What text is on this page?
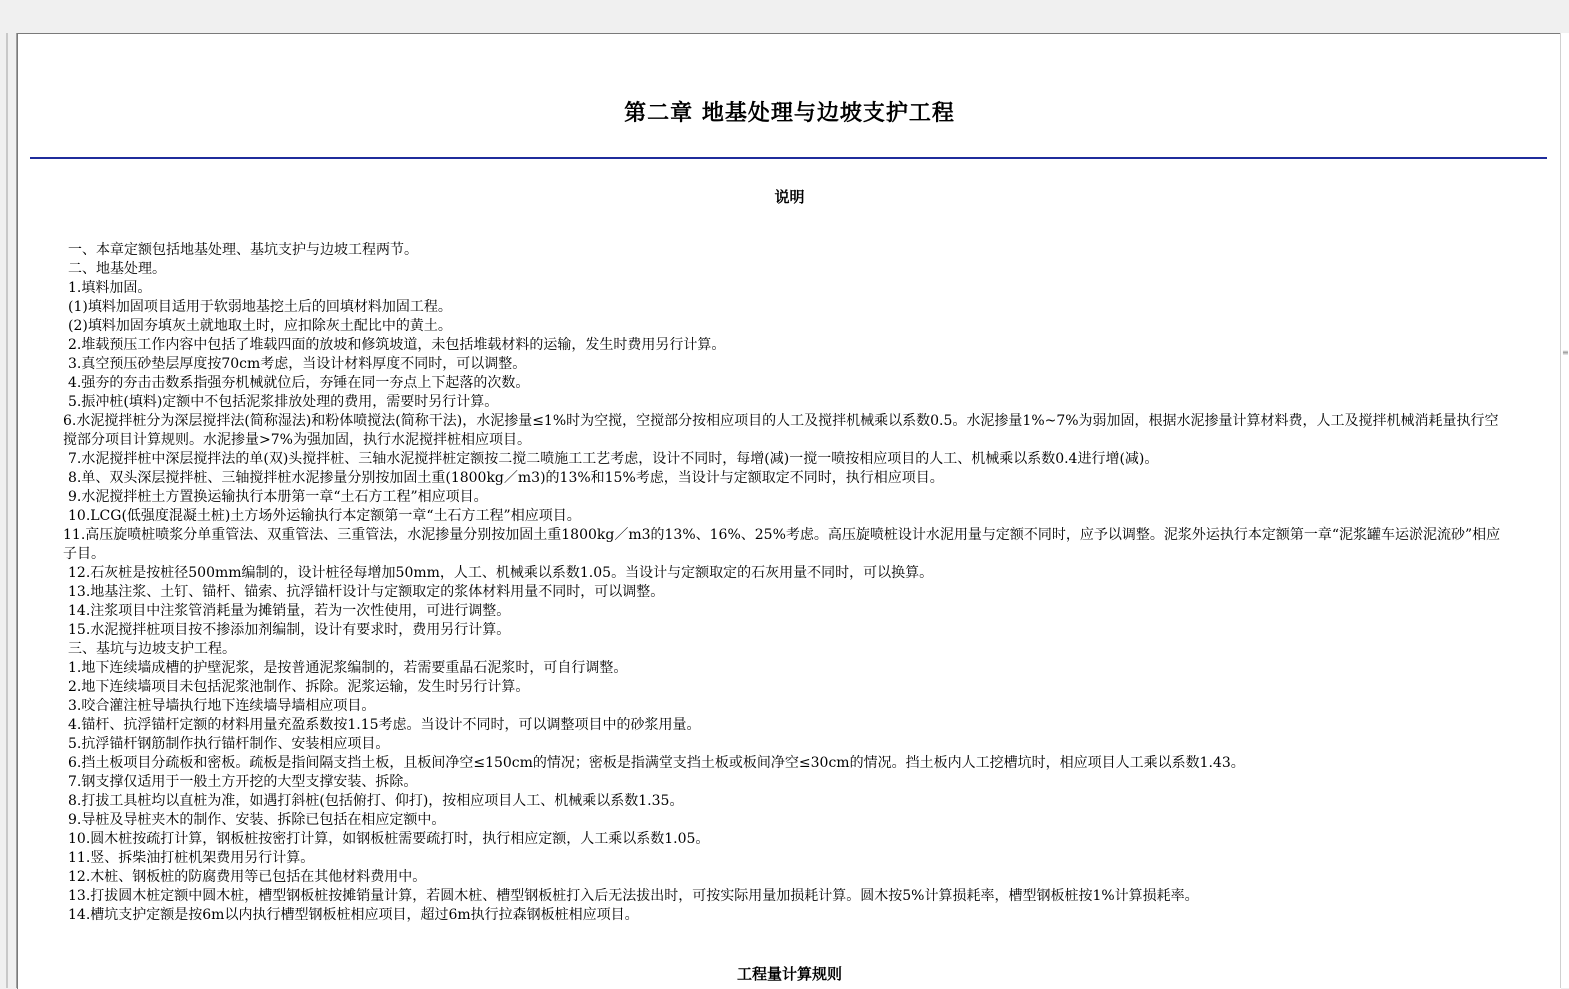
第二章 地基处理与边坡支护工程
说明
一、本章定额包括地基处理、基坑支护与边坡工程两节。
二、地基处理。
1.填料加固。
(1)填料加固项目适用于软弱地基挖土后的回填材料加固工程。
(2)填料加固夯填灰土就地取土时，应扣除灰土配比中的黄土。
2.堆载预压工作内容中包括了堆载四面的放坡和修筑坡道，未包括堆载材料的运输，发生时费用另行计算。
3.真空预压砂垫层厚度按70cm考虑，当设计材料厚度不同时，可以调整。
4.强夯的夯击击数系指强夯机械就位后，夯锤在同一夯点上下起落的次数。
5.振冲桩(填料)定额中不包括泥浆排放处理的费用，需要时另行计算。
6.水泥搅拌桩分为深层搅拌法(简称湿法)和粉体喷搅法(简称干法)，水泥掺量≤1%时为空搅，空搅部分按相应项目的人工及搅拌机械乘以系数0.5。水泥掺量1%~7%为弱加固，根据水泥掺量计算材料费，人工及搅拌机械消耗量执行空搅部分项目计算规则。水泥掺量>7%为强加固，执行水泥搅拌桩相应项目。
7.水泥搅拌桩中深层搅拌法的单(双)头搅拌桩、三轴水泥搅拌桩定额按二搅二喷施工工艺考虑，设计不同时，每增(减)一搅一喷按相应项目的人工、机械乘以系数0.4进行增(减)。
8.单、双头深层搅拌桩、三轴搅拌桩水泥掺量分别按加固土重(1800kg／m3)的13%和15%考虑，当设计与定额取定不同时，执行相应项目。
9.水泥搅拌桩土方置换运输执行本册第一章“土石方工程”相应项目。
10.LCG(低强度混凝土桩)土方场外运输执行本定额第一章“土石方工程”相应项目。
11.高压旋喷桩喷浆分单重管法、双重管法、三重管法，水泥掺量分别按加固土重1800kg／m3的13%、16%、25%考虑。高压旋喷桩设计水泥用量与定额不同时，应予以调整。泥浆外运执行本定额第一章“泥浆罐车运淤泥流砂”相应子目。
12.石灰桩是按桩径500mm编制的，设计桩径每增加50mm，人工、机械乘以系数1.05。当设计与定额取定的石灰用量不同时，可以换算。
13.地基注浆、土钉、锚杆、锚索、抗浮锚杆设计与定额取定的浆体材料用量不同时，可以调整。
14.注浆项目中注浆管消耗量为摊销量，若为一次性使用，可进行调整。
15.水泥搅拌桩项目按不掺添加剂编制，设计有要求时，费用另行计算。
三、基坑与边坡支护工程。
1.地下连续墙成槽的护壁泥浆，是按普通泥浆编制的，若需要重晶石泥浆时，可自行调整。
2.地下连续墙项目未包括泥浆池制作、拆除。泥浆运输，发生时另行计算。
3.咬合灌注桩导墙执行地下连续墙导墙相应项目。
4.锚杆、抗浮锚杆定额的材料用量充盈系数按1.15考虑。当设计不同时，可以调整项目中的砂浆用量。
5.抗浮锚杆钢筋制作执行锚杆制作、安装相应项目。
6.挡土板项目分疏板和密板。疏板是指间隔支挡土板，且板间净空≤150cm的情况；密板是指满堂支挡土板或板间净空≤30cm的情况。挡土板内人工挖槽坑时，相应项目人工乘以系数1.43。
7.钢支撑仅适用于一般土方开挖的大型支撑安装、拆除。
8.打拔工具桩均以直桩为准，如遇打斜桩(包括俯打、仰打)，按相应项目人工、机械乘以系数1.35。
9.导桩及导桩夹木的制作、安装、拆除已包括在相应定额中。
10.圆木桩按疏打计算，钢板桩按密打计算，如钢板桩需要疏打时，执行相应定额，人工乘以系数1.05。
11.竖、拆柴油打桩机架费用另行计算。
12.木桩、钢板桩的防腐费用等已包括在其他材料费用中。
13.打拔圆木桩定额中圆木桩，槽型钢板桩按摊销量计算，若圆木桩、槽型钢板桩打入后无法拔出时，可按实际用量加损耗计算。圆木按5%计算损耗率，槽型钢板桩按1%计算损耗率。
14.槽坑支护定额是按6m以内执行槽型钢板桩相应项目，超过6m执行拉森钢板桩相应项目。
工程量计算规则
≡
